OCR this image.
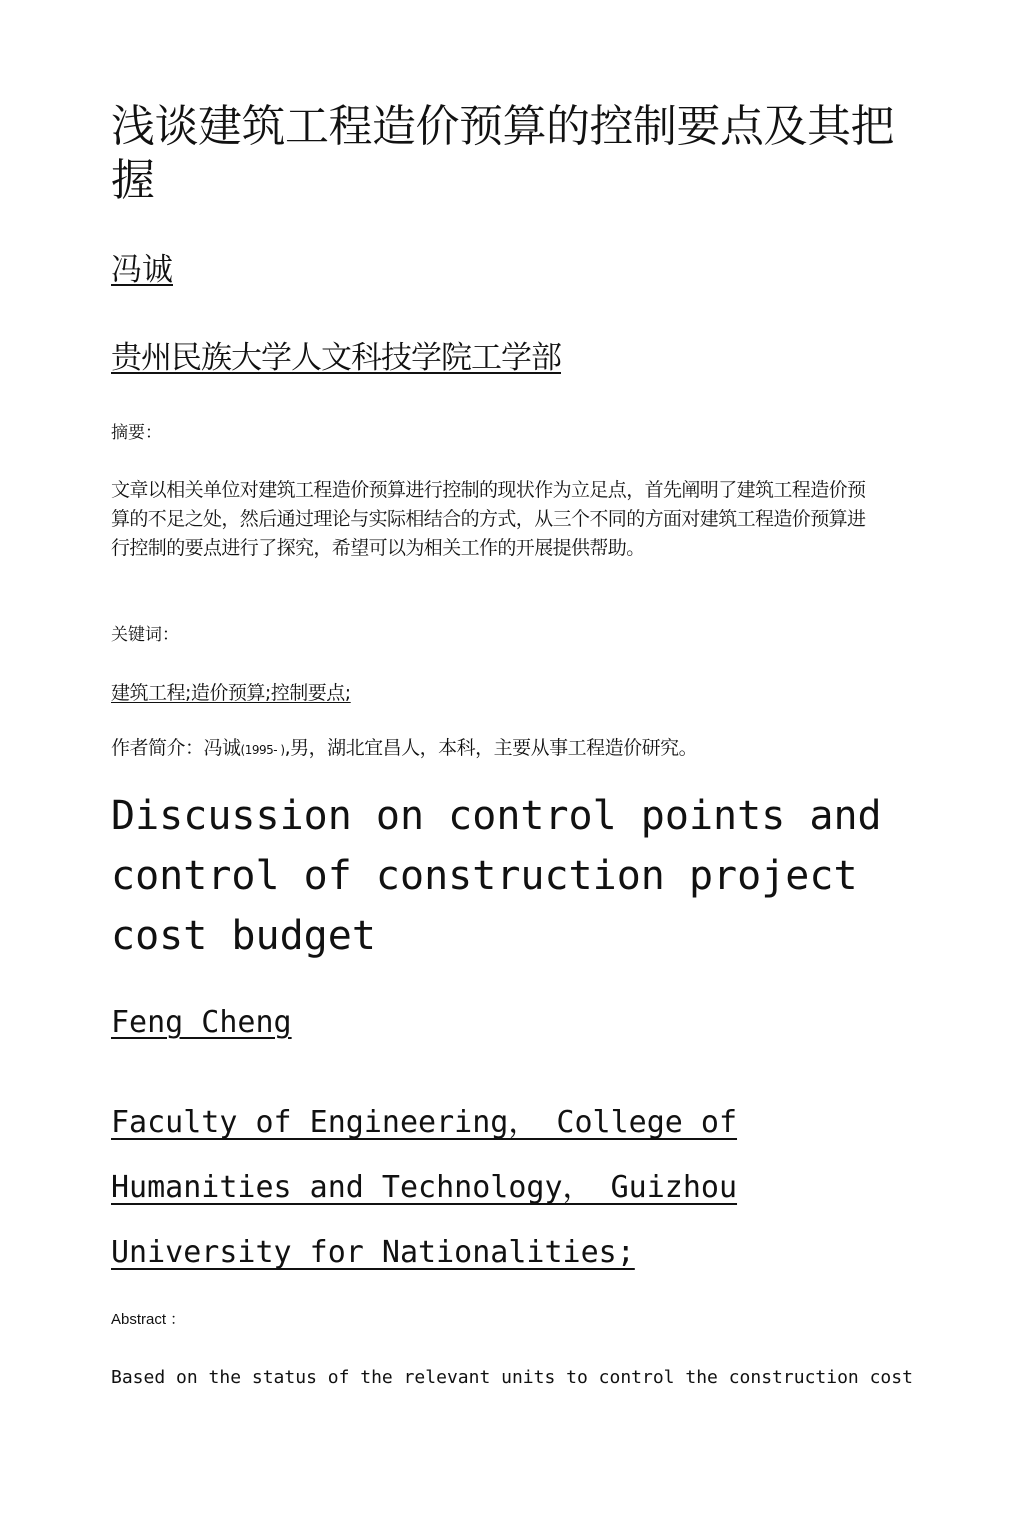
浅谈建筑工程造价预算的控制要点及其把握
冯诚
贵州民族大学人文科技学院工学部
摘要：

文章以相关单位对建筑工程造价预算进行控制的现状作为立足点，首先阐明了建筑工程造价预算的不足之处，然后通过理论与实际相结合的方式，从三个不同的方面对建筑工程造价预算进行控制的要点进行了探究，希望可以为相关工作的开展提供帮助。

关键词：
建筑工程;造价预算;控制要点;
作者简介：冯诚(1995- ),男，湖北宜昌人，本科，主要从事工程造价研究。
Discussion on control points and control of construction project cost budget
Feng Cheng
Faculty of Engineering， College of Humanities and Technology， Guizhou University for Nationalities;
Abstract ：
Based on the status of the relevant units to control the construction cost
